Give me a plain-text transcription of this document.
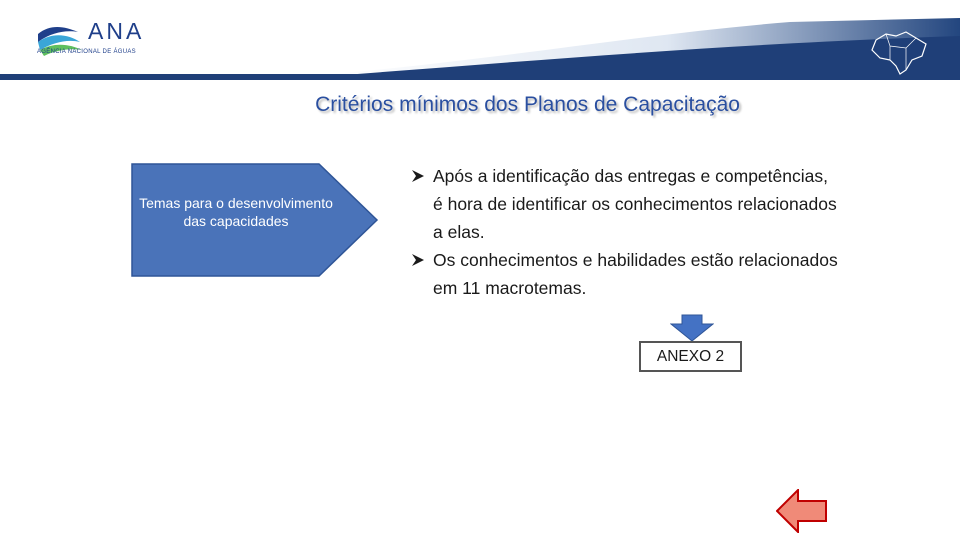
ANA
AGÊNCIA NACIONAL DE ÁGUAS
Critérios mínimos dos Planos de Capacitação
Temas para o desenvolvimento das capacidades
Após a identificação das entregas e competências, é hora de identificar os conhecimentos relacionados a elas.
Os conhecimentos e habilidades estão relacionados em 11 macrotemas.
ANEXO 2
